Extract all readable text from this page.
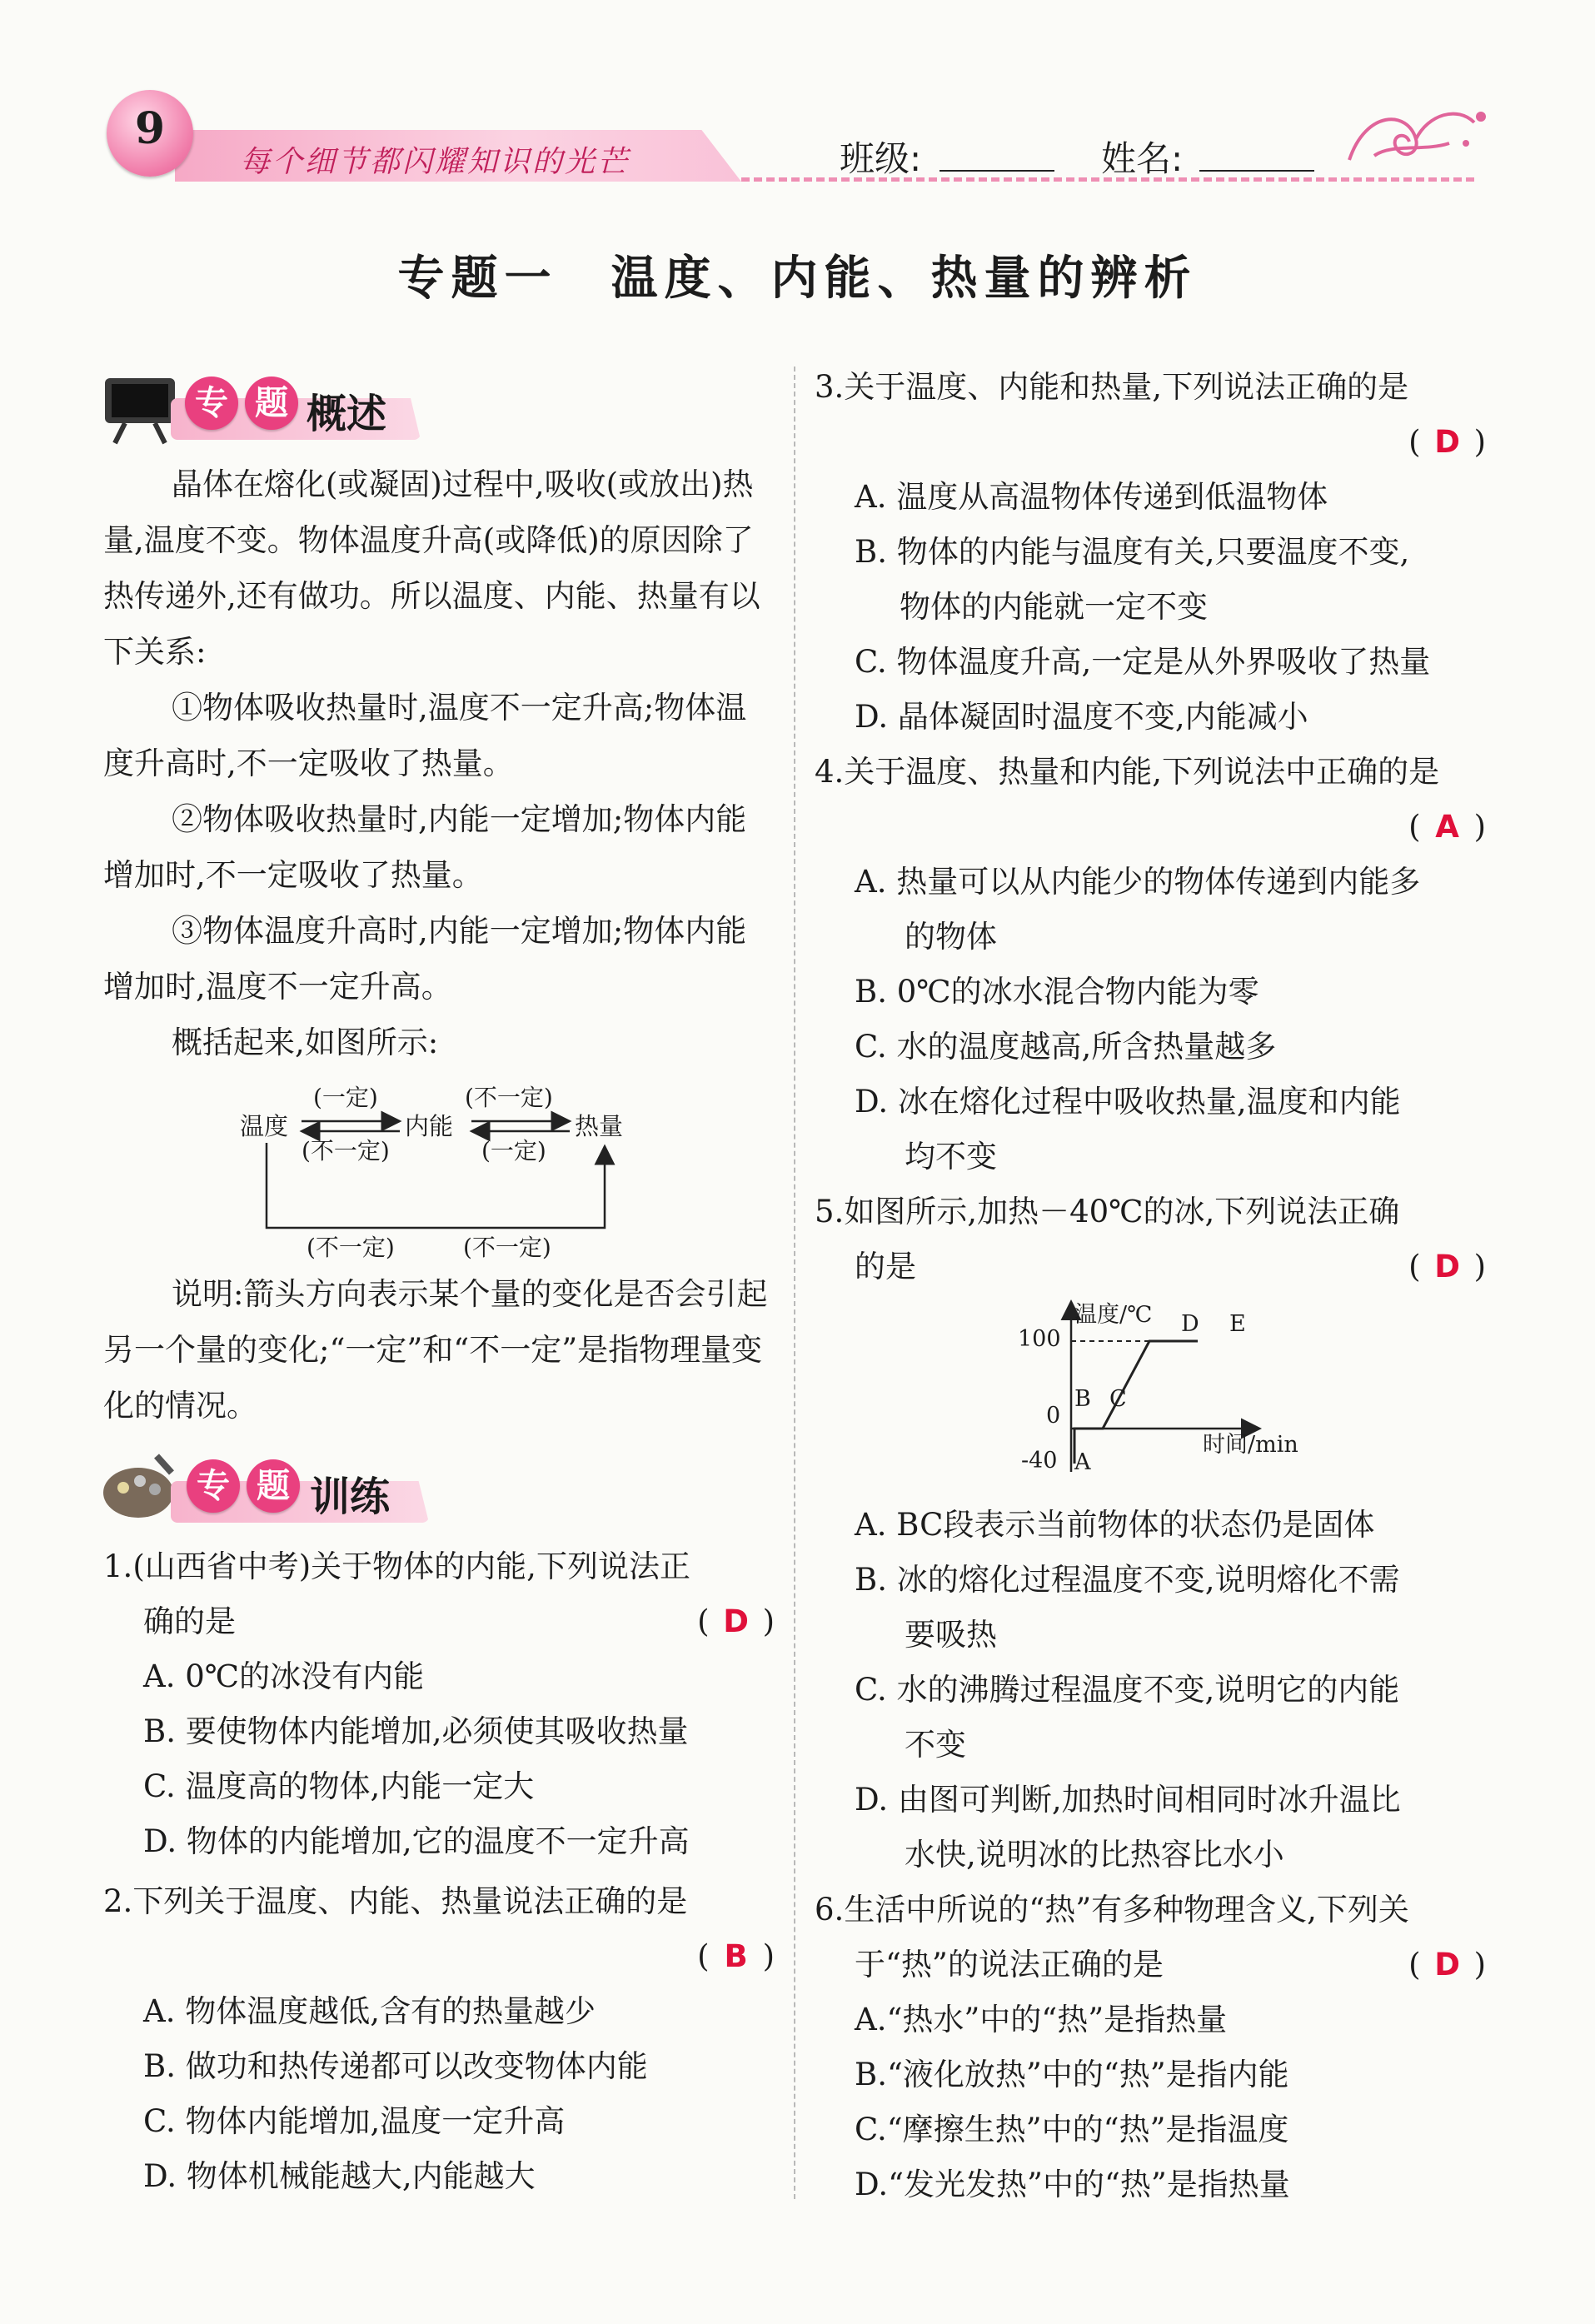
9
每个细节都闪耀知识的光芒	班级:	姓名:
专题一　温度、内能、热量的辨析
专 题 概述

晶体在熔化(或凝固)过程中,吸收(或放出)热量,温度不变。物体温度升高(或降低)的原因除了热传递外,还有做功。所以温度、内能、热量有以下关系:

①物体吸收热量时,温度不一定升高;物体温度升高时,不一定吸收了热量。

②物体吸收热量时,内能一定增加;物体内能增加时,不一定吸收了热量。

③物体温度升高时,内能一定增加;物体内能增加时,温度不一定升高。

概括起来,如图所示:

温度	内能	热量
(一定)
(不一定)
(不一定)
(一定)
(不一定)	(不一定)

说明:箭头方向表示某个量的变化是否会引起另一个量的变化;“一定”和“不一定”是指物理量变化的情况。

专 题 训练

1.(山西省中考)关于物体的内能,下列说法正

确的是	( D )

A. 0℃的冰没有内能

B. 要使物体内能增加,必须使其吸收热量

C. 温度高的物体,内能一定大

D. 物体的内能增加,它的温度不一定升高

2.下列关于温度、内能、热量说法正确的是

( B )

A. 物体温度越低,含有的热量越少

B. 做功和热传递都可以改变物体内能

C. 物体内能增加,温度一定升高

D. 物体机械能越大,内能越大

3.关于温度、内能和热量,下列说法正确的是

( D )

A. 温度从高温物体传递到低温物体

B. 物体的内能与温度有关,只要温度不变,

物体的内能就一定不变

C. 物体温度升高,一定是从外界吸收了热量

D. 晶体凝固时温度不变,内能减小

4.关于温度、热量和内能,下列说法中正确的是

( A )

A. 热量可以从内能少的物体传递到内能多

的物体

B. 0℃的冰水混合物内能为零

C. 水的温度越高,所含热量越多

D. 冰在熔化过程中吸收热量,温度和内能

均不变

5.如图所示,加热－40℃的冰,下列说法正确

的是	( D )

温度/℃
时间/min
100
0
-40 A
B C
D E

A. BC段表示当前物体的状态仍是固体

B. 冰的熔化过程温度不变,说明熔化不需

要吸热

C. 水的沸腾过程温度不变,说明它的内能

不变

D. 由图可判断,加热时间相同时冰升温比

水快,说明冰的比热容比水小

6.生活中所说的“热”有多种物理含义,下列关

于“热”的说法正确的是	( D )

A.“热水”中的“热”是指热量

B.“液化放热”中的“热”是指内能

C.“摩擦生热”中的“热”是指温度

D.“发光发热”中的“热”是指热量
